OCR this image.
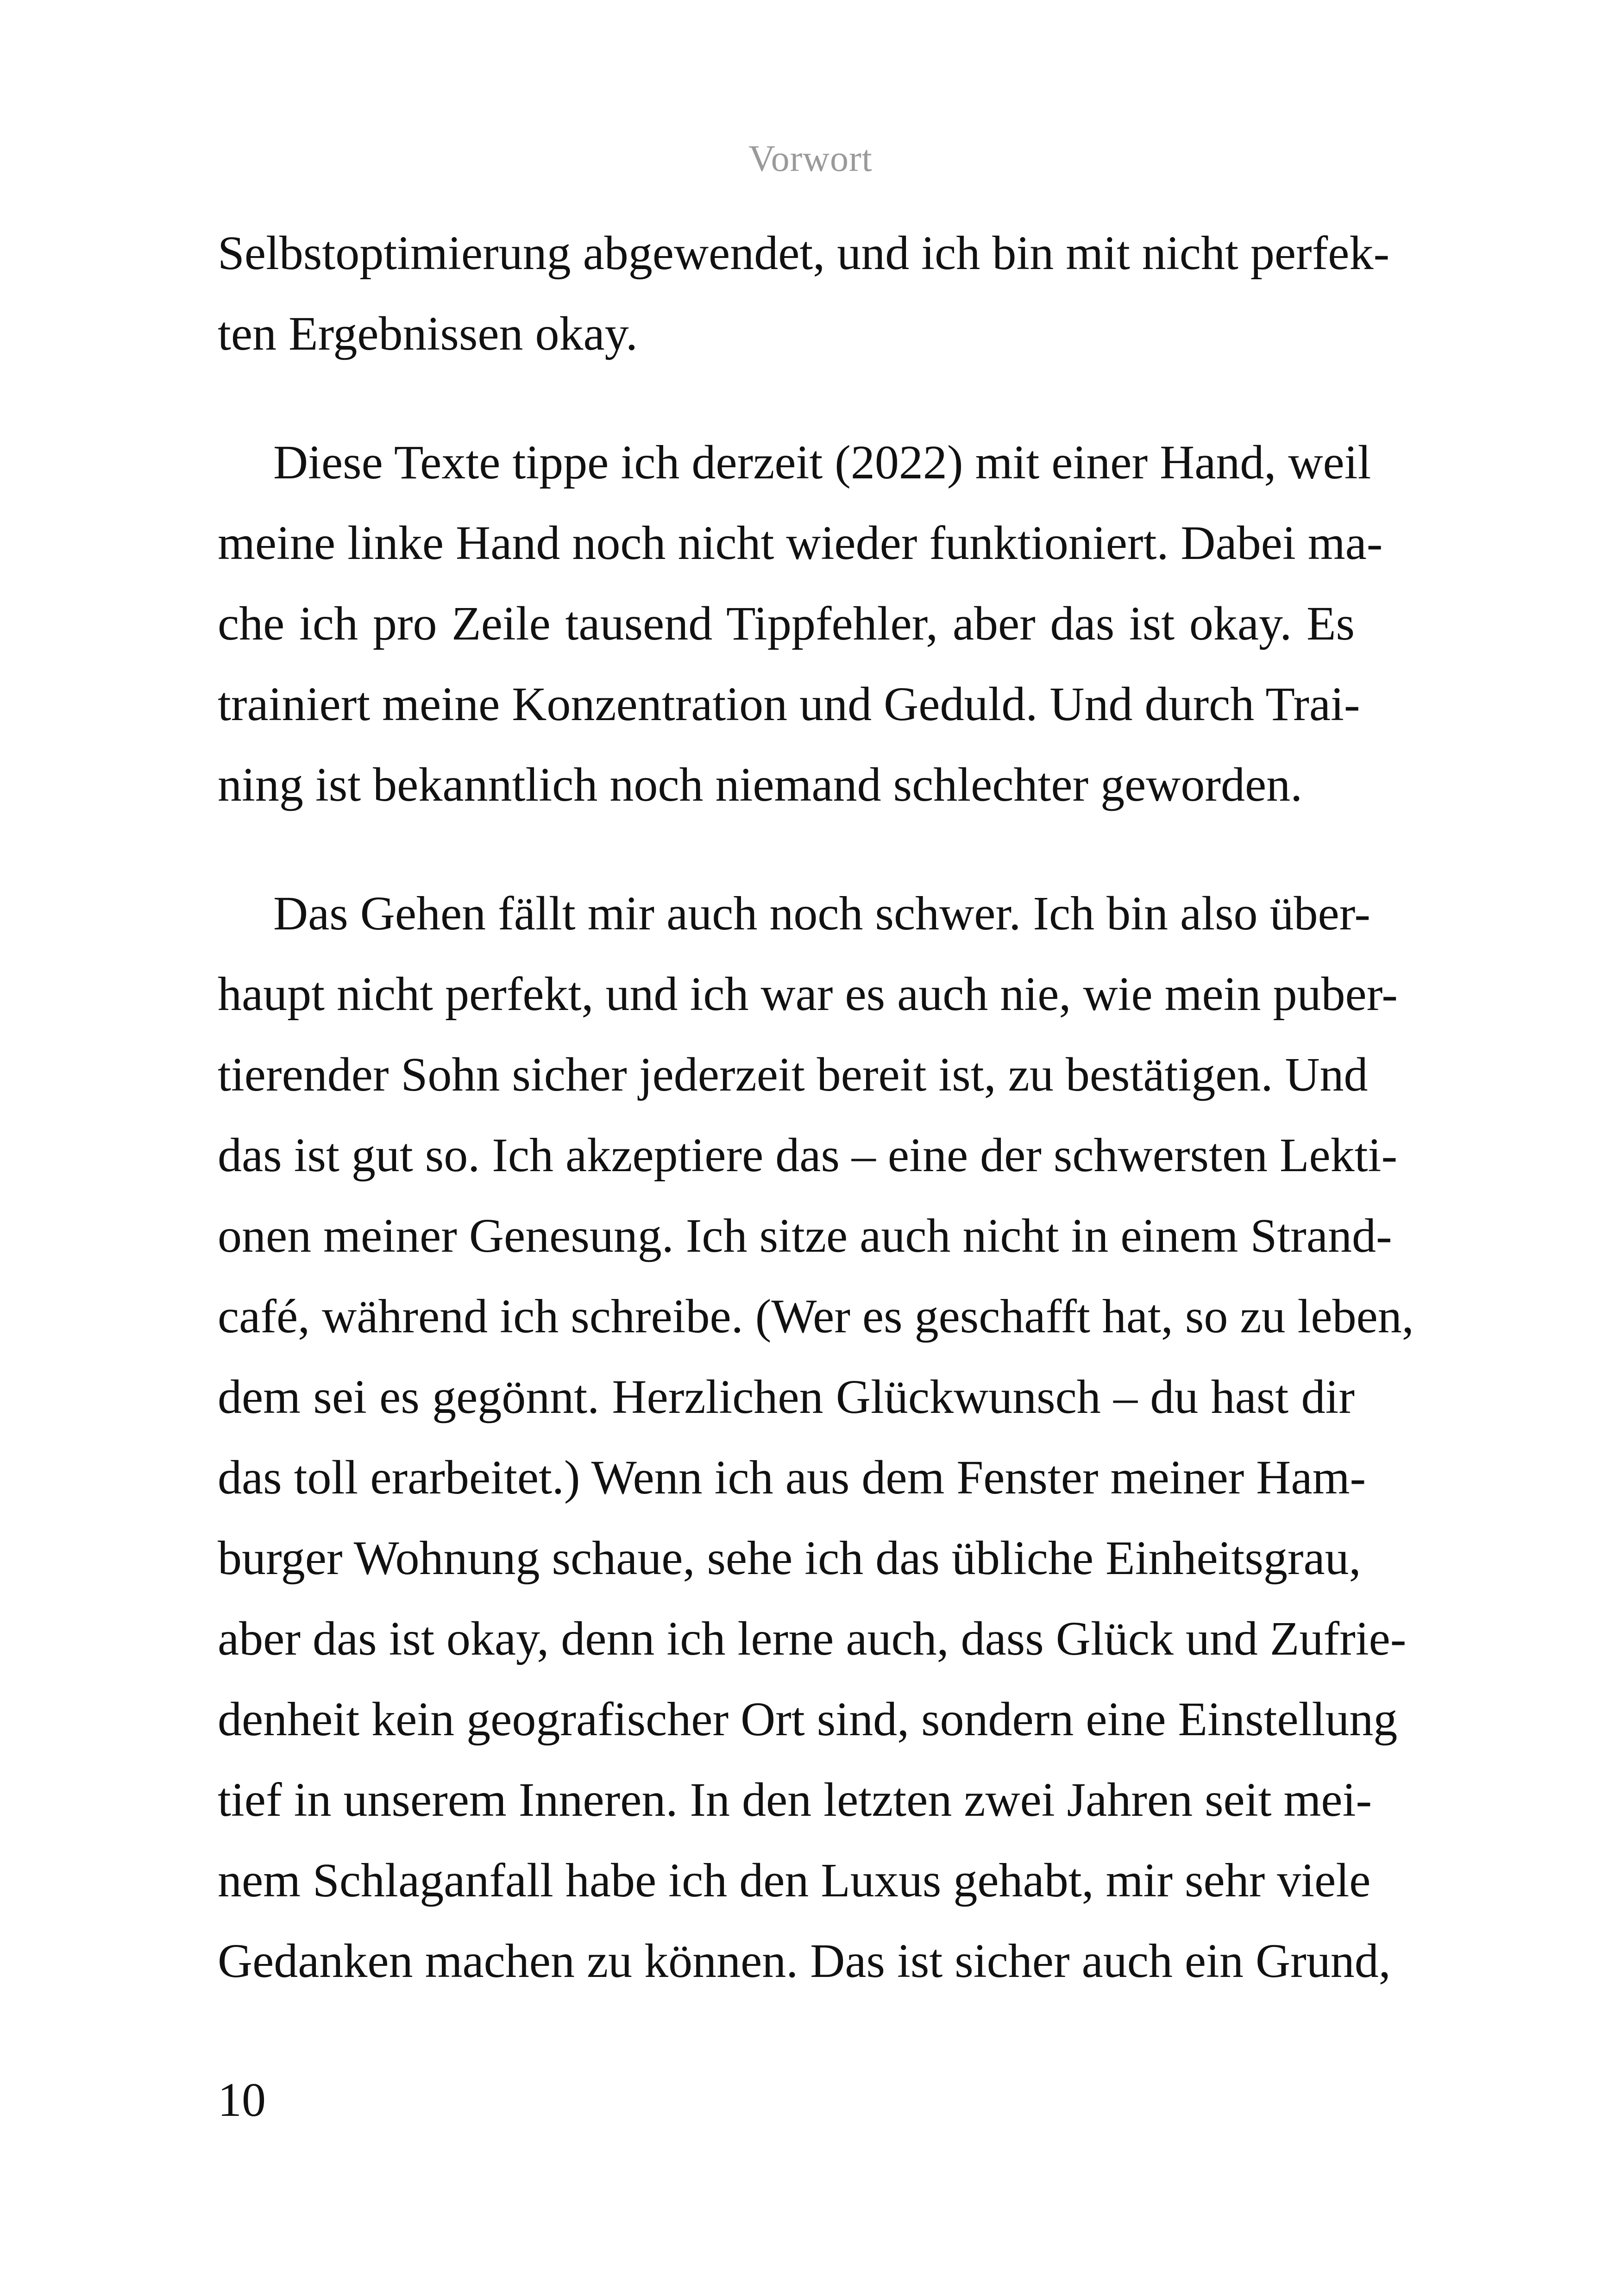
Vorwort
Selbstoptimierung abgewendet, und ich bin mit nicht perfek-
ten Ergebnissen okay.
Diese Texte tippe ich derzeit (2022) mit einer Hand, weil
meine linke Hand noch nicht wieder funktioniert. Dabei ma-
che ich pro Zeile tausend Tippfehler, aber das ist okay. Es
trainiert meine Konzentration und Geduld. Und durch Trai-
ning ist bekanntlich noch niemand schlechter geworden.
Das Gehen fällt mir auch noch schwer. Ich bin also über-
haupt nicht perfekt, und ich war es auch nie, wie mein puber-
tierender Sohn sicher jederzeit bereit ist, zu bestätigen. Und
das ist gut so. Ich akzeptiere das – eine der schwersten Lekti-
onen meiner Genesung. Ich sitze auch nicht in einem Strand-
café, während ich schreibe. (Wer es geschafft hat, so zu leben,
dem sei es gegönnt. Herzlichen Glückwunsch – du hast dir
das toll erarbeitet.) Wenn ich aus dem Fenster meiner Ham-
burger Wohnung schaue, sehe ich das übliche Einheitsgrau,
aber das ist okay, denn ich lerne auch, dass Glück und Zufrie-
denheit kein geografischer Ort sind, sondern eine Einstellung
tief in unserem Inneren. In den letzten zwei Jahren seit mei-
nem Schlaganfall habe ich den Luxus gehabt, mir sehr viele
Gedanken machen zu können. Das ist sicher auch ein Grund,
10
